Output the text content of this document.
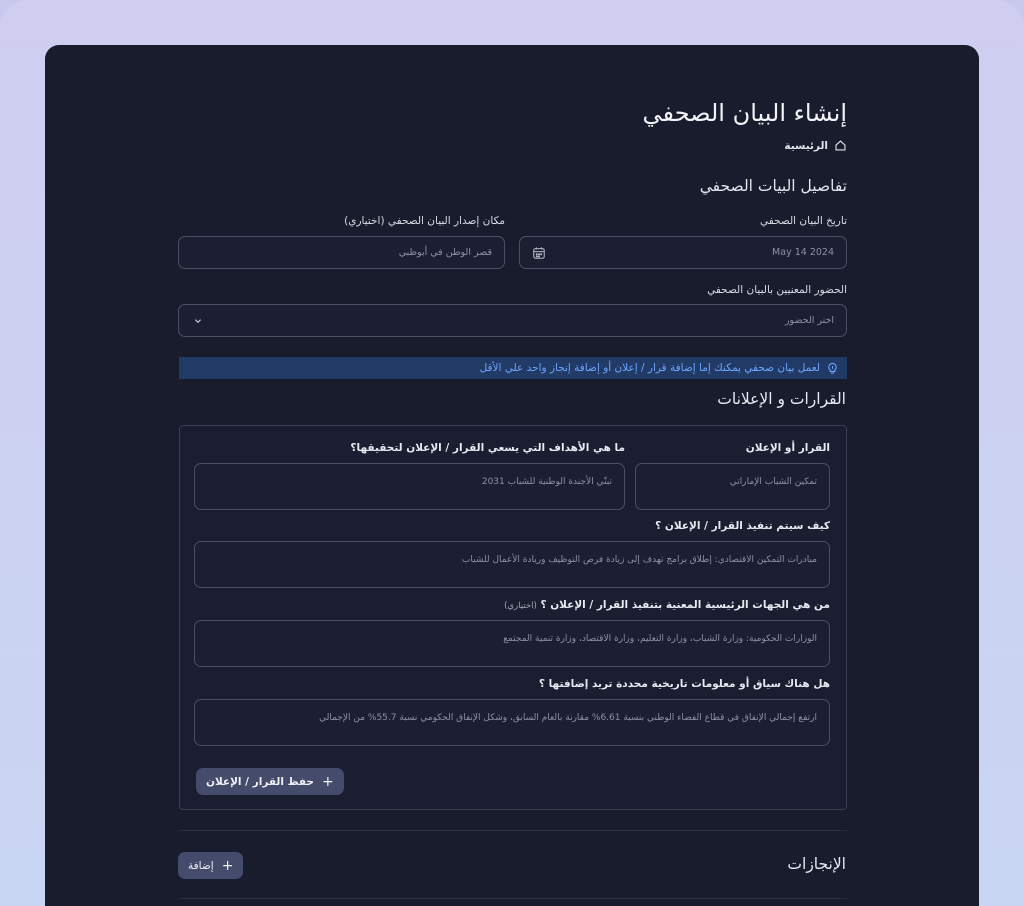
إنشاء البيان الصحفي
الرئيسية
تفاصيل البيات الصحفي
تاريخ البيان الصحفي
May 14 2024
مكان إصدار البيان الصحفي (اختياري)
قصر الوطن في أبوظبي
الحضور المعنيين بالبيان الصحفي
اختر الحضور
لعمل بيان صحفي يمكنك إما إضافة قرار / إعلان أو إضافة إنجاز واحد علي الأقل
القرارات و الإعلانات
القرار أو الإعلان
تمكين الشباب الإماراتي
ما هي الأهداف التي يسعي القرار / الإعلان لتحقيقها؟
تبنّي الأجندة الوطنية للشباب 2031
كيف سيتم تنفيذ القرار / الإعلان ؟
مبادرات التمكين الاقتصادي: إطلاق برامج تهدف إلى زيادة فرص التوظيف وريادة الأعمال للشباب
من هي الجهات الرئيسية المعنية بتنفيذ القرار / الإعلان ؟ (اختياري)
الوزارات الحكومية: وزارة الشباب، وزارة التعليم، وزارة الاقتصاد، وزارة تنمية المجتمع
هل هناك سياق أو معلومات تاريخية محددة تريد إضافتها ؟
ارتفع إجمالي الإنفاق في قطاع الفضاء الوطني بنسبة 6.61% مقارنة بالعام السابق، وشكل الإنفاق الحكومي نسبة 55.7% من الإجمالي
+
حفظ القرار / الإعلان
الإنجازات
+
إضافة
